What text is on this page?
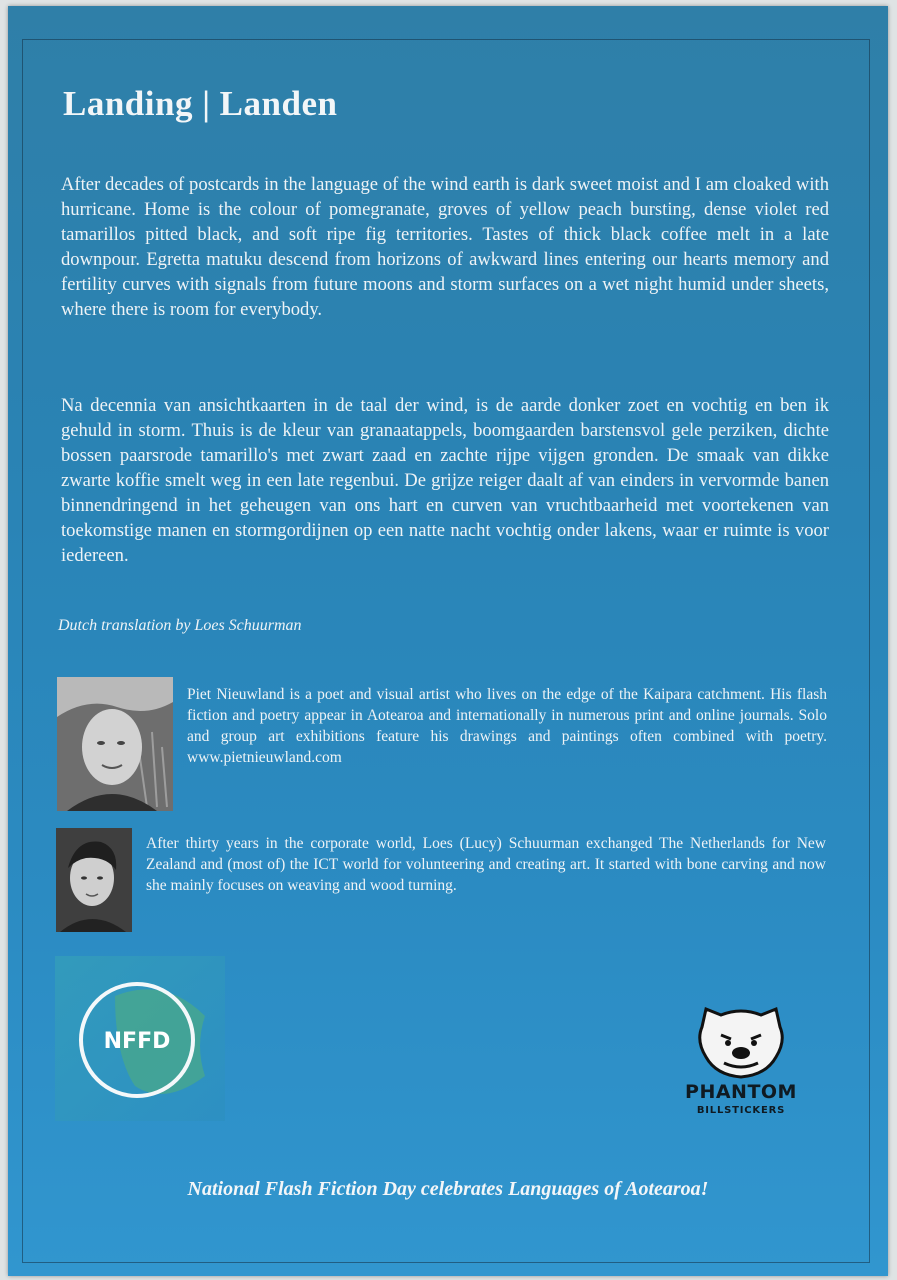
Landing | Landen

After decades of postcards in the language of the wind earth is dark sweet moist and I am cloaked with hurricane. Home is the colour of pomegranate, groves of yellow peach bursting, dense violet red tamarillos pitted black, and soft ripe fig territories. Tastes of thick black coffee melt in a late downpour. Egretta matuku descend from horizons of awkward lines entering our hearts memory and fertility curves with signals from future moons and storm surfaces on a wet night humid under sheets, where there is room for everybody.

Na decennia van ansichtkaarten in de taal der wind, is de aarde donker zoet en vochtig en ben ik gehuld in storm. Thuis is de kleur van granaatappels, boomgaarden barstensvol gele perziken, dichte bossen paarsrode tamarillo's met zwart zaad en zachte rijpe vijgen gronden. De smaak van dikke zwarte koffie smelt weg in een late regenbui. De grijze reiger daalt af van einders in vervormde banen binnendringend in het geheugen van ons hart en curven van vruchtbaarheid met voortekenen van toekomstige manen en stormgordijnen op een natte nacht vochtig onder lakens, waar er ruimte is voor iedereen.

Dutch translation by Loes Schuurman

Piet Nieuwland is a poet and visual artist who lives on the edge of the Kaipara catchment. His flash fiction and poetry appear in Aotearoa and internationally in numerous print and online journals. Solo and group art exhibitions feature his drawings and paintings often combined with poetry. www.pietnieuwland.com

After thirty years in the corporate world, Loes (Lucy) Schuurman exchanged The Netherlands for New Zealand and (most of) the ICT world for volunteering and creating art. It started with bone carving and now she mainly focuses on weaving and wood turning.

NFFD
PHANTOM
BILLSTICKERS

National Flash Fiction Day celebrates Languages of Aotearoa!
